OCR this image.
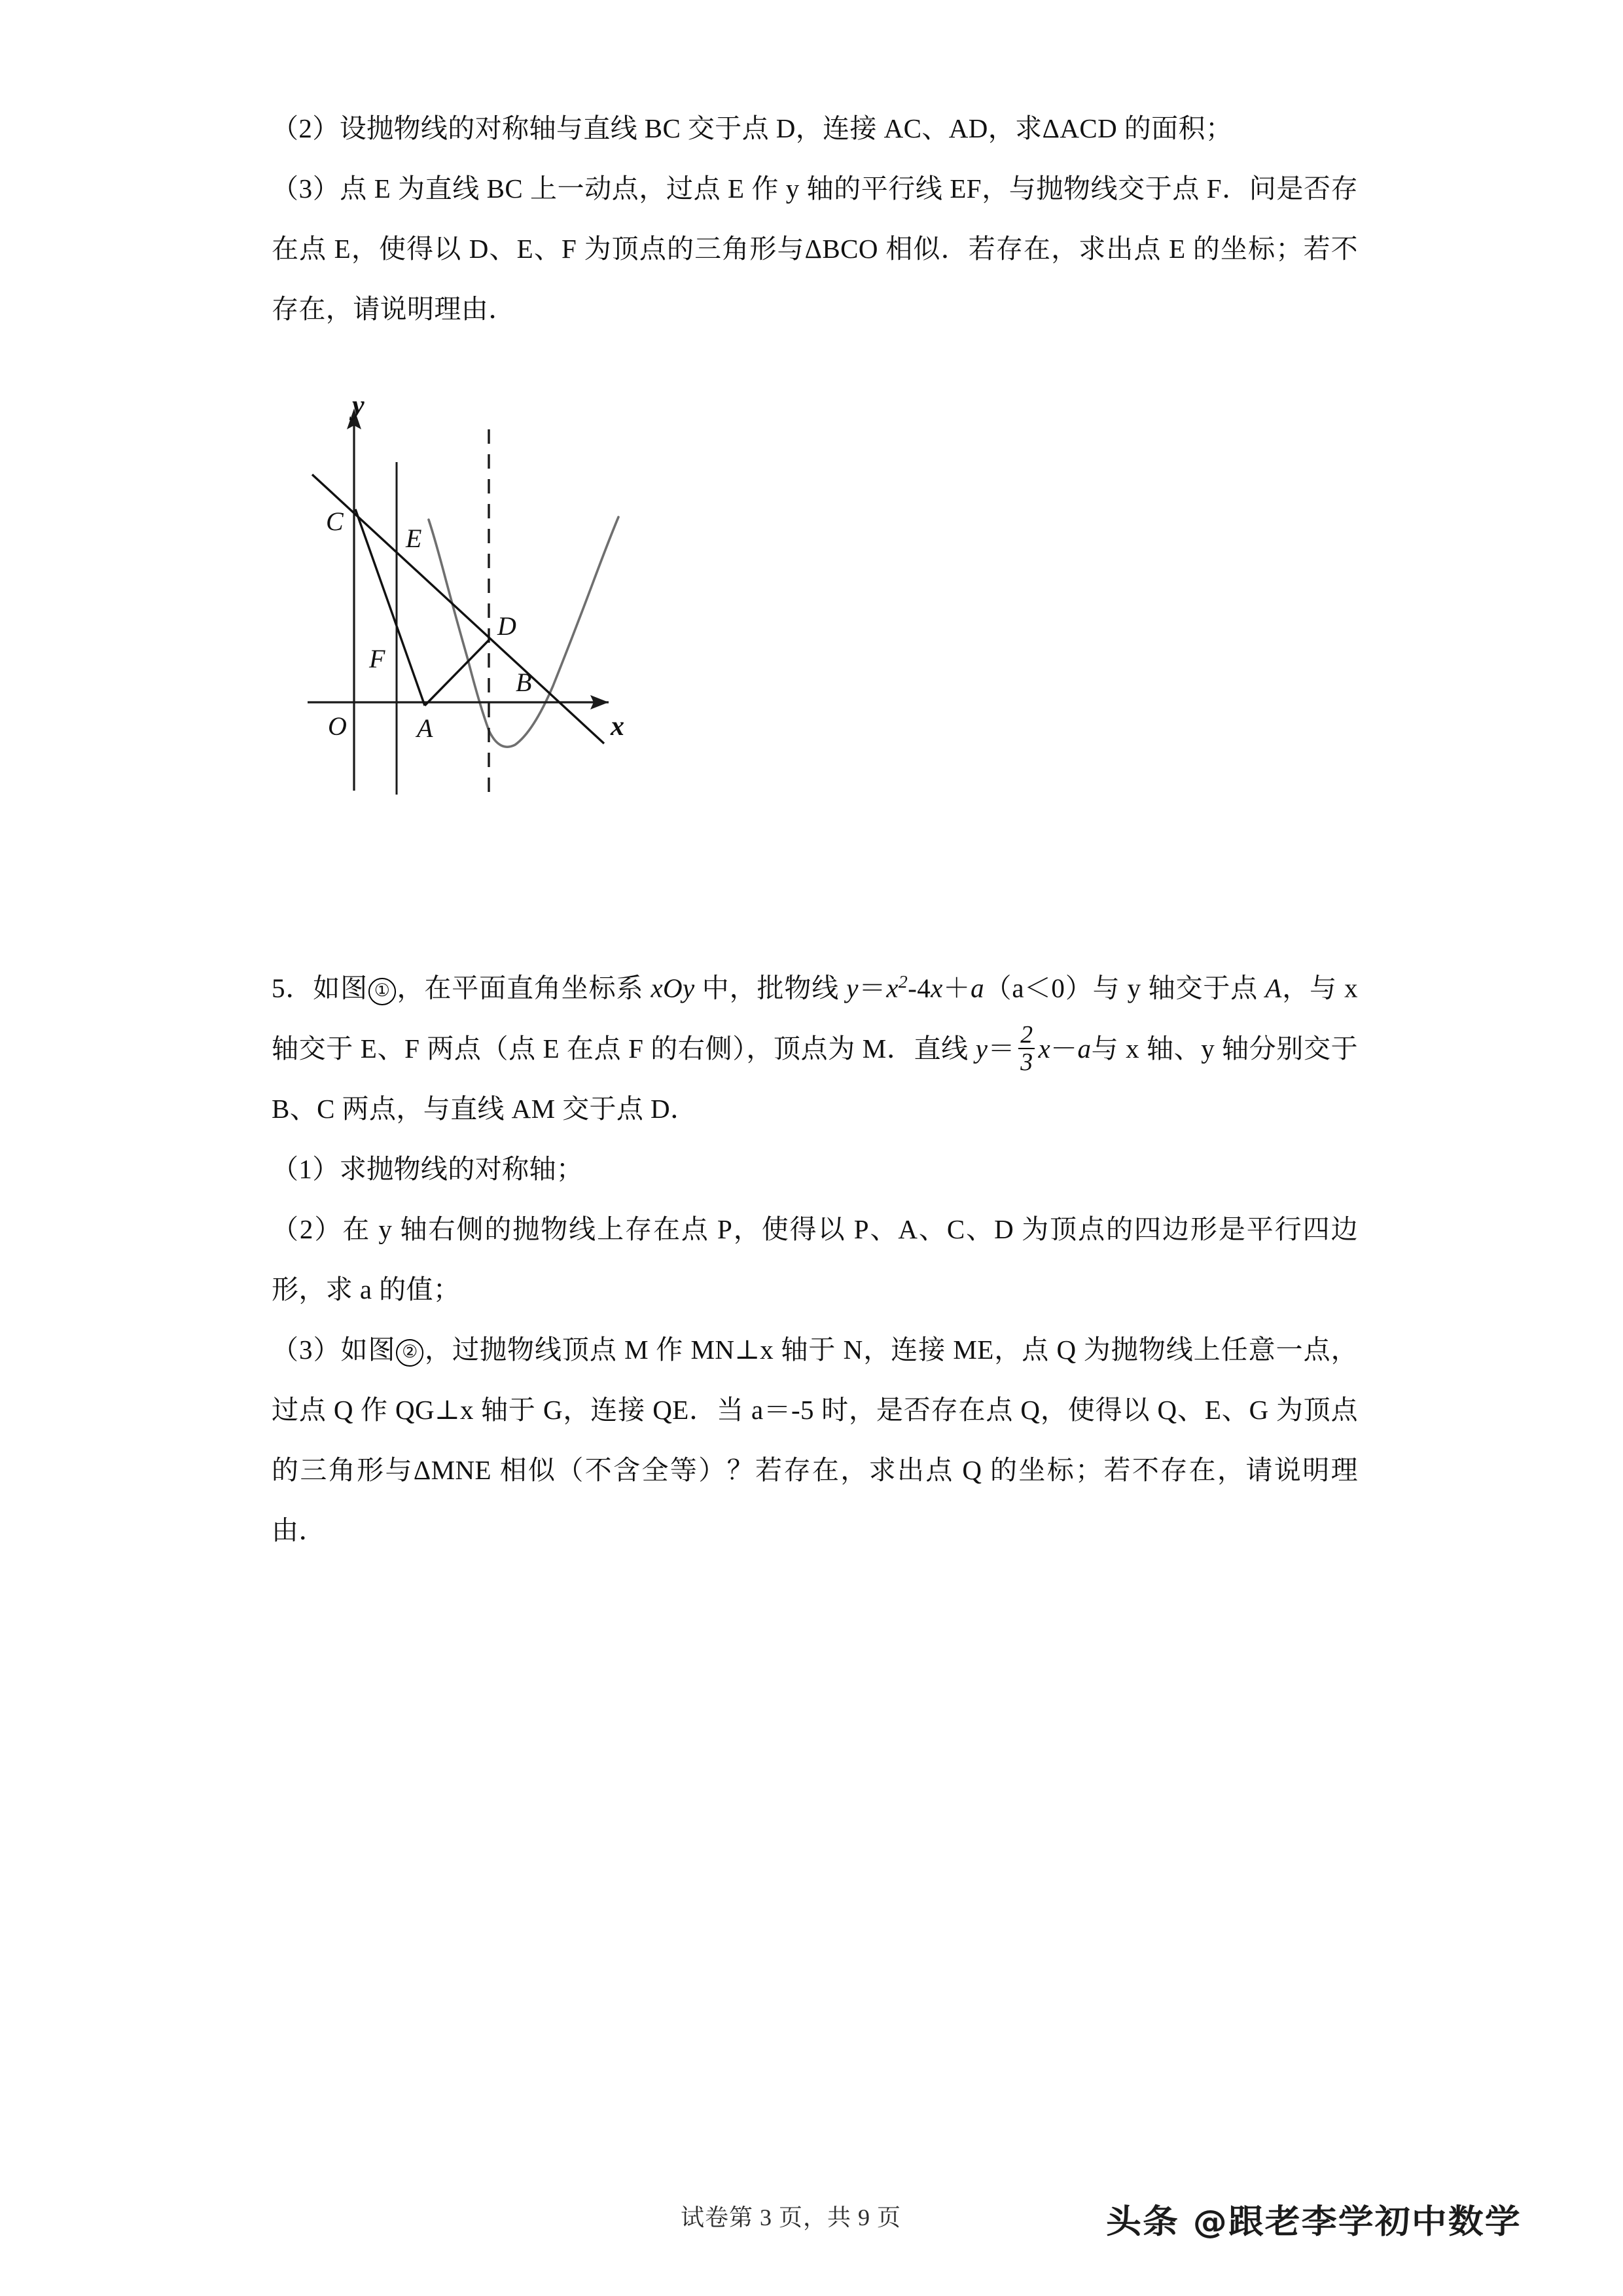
（2）设抛物线的对称轴与直线 BC 交于点 D，连接 AC、AD，求ΔACD 的面积；
（3）点 E 为直线 BC 上一动点，过点 E 作 y 轴的平行线 EF，与抛物线交于点 F．问是否存在点 E，使得以 D、E、F 为顶点的三角形与ΔBCO 相似．若存在，求出点 E 的坐标；若不存在，请说明理由．
C
E
D
F
B
O	A
y
x
5．如图 ① ，在平面直角坐标系 xOy 中，批物线 $y=x^2-4x+a(a<0)$与 y 轴交于点 A，与 x 轴交于 E、F 两点（点 E 在点 F 的右侧），顶点为 M．直线 $y= \frac{2}{3} x-a$与 x 轴、y 轴分别交于 B、C 两点，与直线 AM 交于点 D．
（1）求抛物线的对称轴；
（2）在 y 轴右侧的抛物线上存在点 P，使得以 P、A、C、D 为顶点的四边形是平行四边形，求 a 的值；
（3）如图 ② ，过抛物线顶点 M 作 MN⊥x 轴于 N，连接 ME，点 Q 为抛物线上任意一点，过点 Q 作 QG⊥x 轴于 G，连接 QE．当 a＝-5 时，是否存在点 Q，使得以 Q、E、G 为顶点的三角形与ΔMNE 相似（不含全等）？若存在，求出点 Q 的坐标；若不存在，请说明理由．
试卷第 3 页，共 9 页	头条 @跟老李学初中数学
